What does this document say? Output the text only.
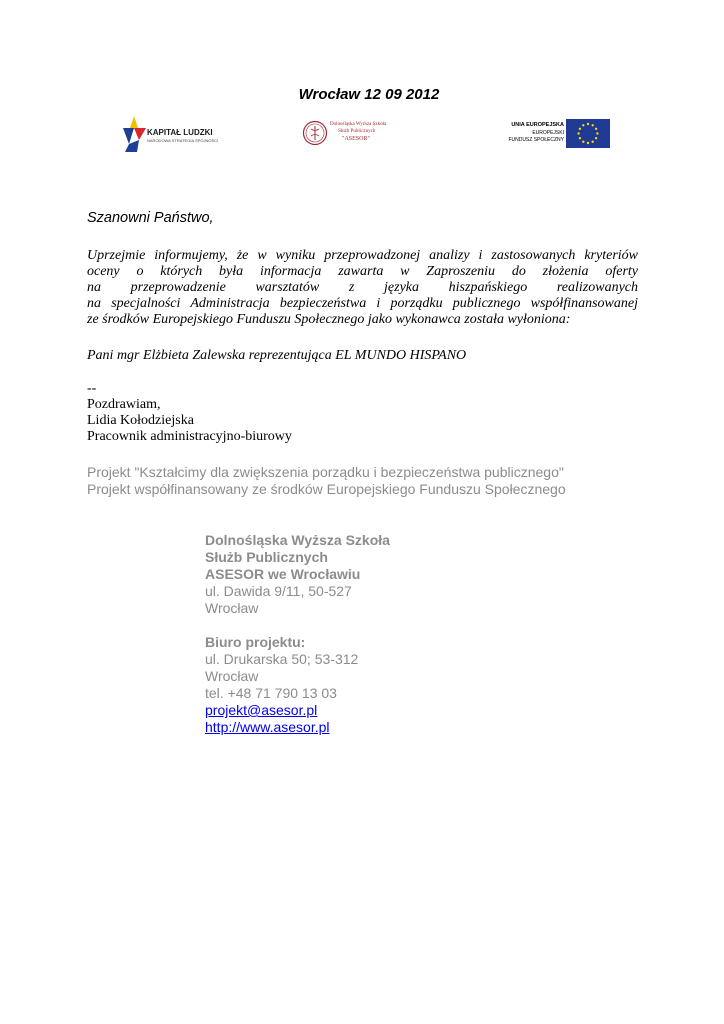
Wrocław 12 09 2012
KAPITAŁ LUDZKI
NARODOWA STRATEGIA SPÓJNOŚCI
Dolnośląska Wyższa Szkoła
Służb Publicznych
"ASESOR"
UNIA EUROPEJSKA
EUROPEJSKI
FUNDUSZ SPOŁECZNY
Szanowni Państwo,
Uprzejmie informujemy, że w wyniku przeprowadzonej analizy i zastosowanych kryteriów
oceny o których była informacja zawarta w Zaproszeniu do złożenia oferty
na przeprowadzenie warsztatów z języka hiszpańskiego realizowanych
na specjalności Administracja bezpieczeństwa i porządku publicznego współfinansowanej
ze środków Europejskiego Funduszu Społecznego jako wykonawca została wyłoniona:
Pani mgr Elżbieta Zalewska reprezentująca EL MUNDO HISPANO
--
Pozdrawiam,
Lidia Kołodziejska
Pracownik administracyjno-biurowy
Projekt "Kształcimy dla zwiększenia porządku i bezpieczeństwa publicznego"
Projekt współfinansowany ze środków Europejskiego Funduszu Społecznego
Dolnośląska Wyższa Szkoła
Służb Publicznych
ASESOR we Wrocławiu
ul. Dawida 9/11, 50-527
Wrocław
Biuro projektu:
ul. Drukarska 50; 53-312
Wrocław
tel. +48 71 790 13 03
projekt@asesor.pl
http://www.asesor.pl
